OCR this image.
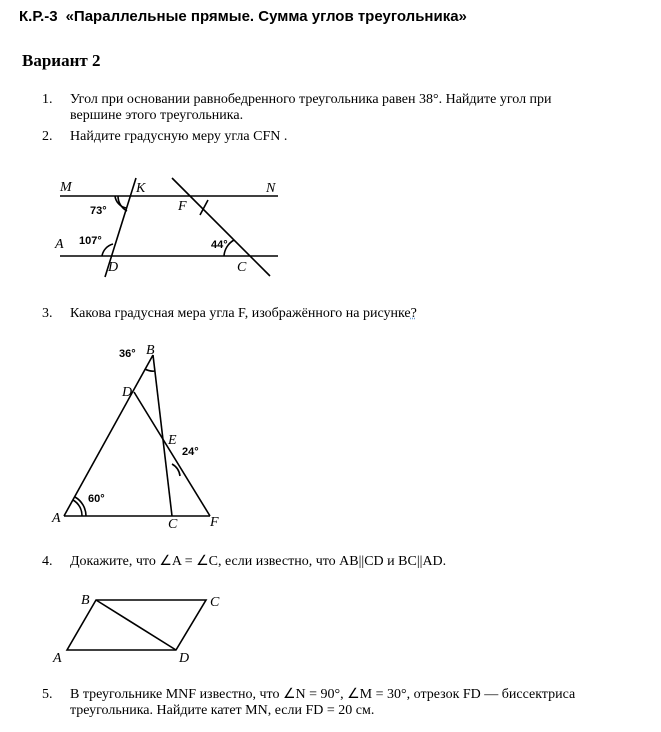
К.Р.-3 «Параллельные прямые. Сумма углов треугольника»
Вариант 2
1.	Угол при основании равнобедренного треугольника равен 38°. Найдите угол при
вершине этого треугольника.
2.	Найдите градусную меру угла CFN .
M	K	N
F
A
D	C
73°
107°	44°
3.	Какова градусная мера угла F, изображённого на рисунке?
36° B
D
E
24°
60°
A	C F
4.	Докажите, что ∠A = ∠C, если известно, что AB||CD и BC||AD.
B	C
A	D
5.	В треугольнике MNF известно, что ∠N = 90°, ∠M = 30°, отрезок FD — биссектриса
треугольника. Найдите катет MN, если FD = 20 см.
